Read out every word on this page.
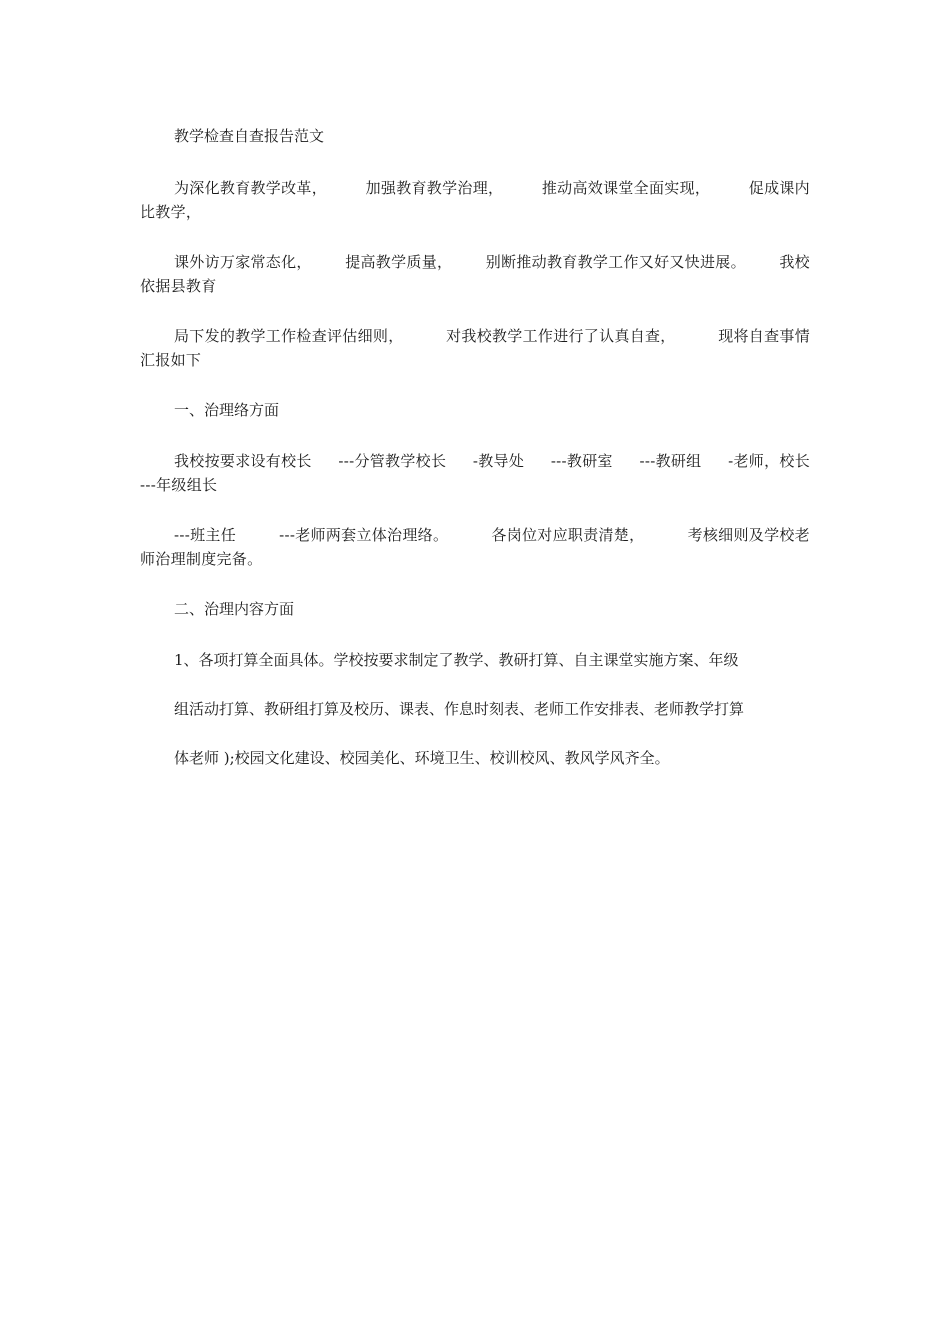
教学检查自查报告范文

为深化教育教学改革，	加强教育教学治理，	推动高效课堂全面实现，	促成课内
比教学，
课外访万家常态化， 提高教学质量， 别断推动教育教学工作又好又快进展。 我校
依据县教育
局下发的教学工作检查评估细则，	对我校教学工作进行了认真自查，	现将自查事情
汇报如下

一、治理络方面

我校按要求设有校长 ---分管教学校长 -教导处 ---教研室 ---教研组 -老师，校长
---年级组长
---班主任	---老师两套立体治理络。	各岗位对应职责清楚，	考核细则及学校老
师治理制度完备。

二、治理内容方面

1、各项打算全面具体。学校按要求制定了教学、教研打算、自主课堂实施方案、年级

组活动打算、教研组打算及校历、课表、作息时刻表、老师工作安排表、老师教学打算

体老师 );校园文化建设、校园美化、环境卫生、校训校风、教风学风齐全。
